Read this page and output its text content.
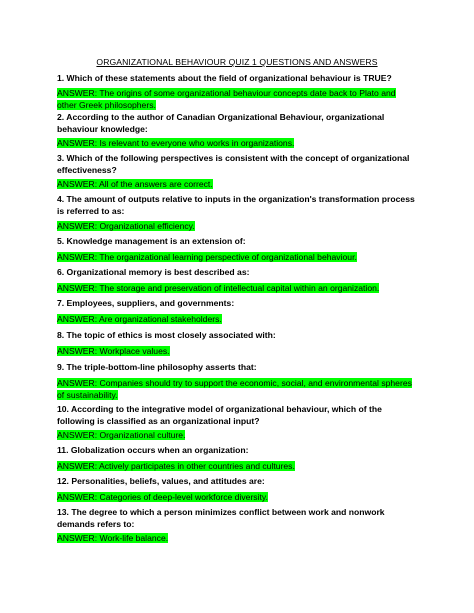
ORGANIZATIONAL BEHAVIOUR QUIZ 1 QUESTIONS AND ANSWERS

1. Which of these statements about the field of organizational behaviour is TRUE?

ANSWER: The origins of some organizational behaviour concepts date back to Plato and other Greek philosophers.

2. According to the author of Canadian Organizational Behaviour, organizational behaviour knowledge:

ANSWER: Is relevant to everyone who works in organizations.

3. Which of the following perspectives is consistent with the concept of organizational effectiveness?

ANSWER: All of the answers are correct.

4. The amount of outputs relative to inputs in the organization's transformation process is referred to as:

ANSWER: Organizational efficiency.

5. Knowledge management is an extension of:

ANSWER: The organizational learning perspective of organizational behaviour.

6. Organizational memory is best described as:

ANSWER: The storage and preservation of intellectual capital within an organization.

7. Employees, suppliers, and governments:

ANSWER: Are organizational stakeholders.

8. The topic of ethics is most closely associated with:

ANSWER: Workplace values.

9. The triple-bottom-line philosophy asserts that:

ANSWER: Companies should try to support the economic, social, and environmental spheres of sustainability.

10. According to the integrative model of organizational behaviour, which of the following is classified as an organizational input?

ANSWER: Organizational culture.

11. Globalization occurs when an organization:

ANSWER: Actively participates in other countries and cultures.

12. Personalities, beliefs, values, and attitudes are:

ANSWER: Categories of deep-level workforce diversity.

13. The degree to which a person minimizes conflict between work and nonwork demands refers to:

ANSWER: Work-life balance.
